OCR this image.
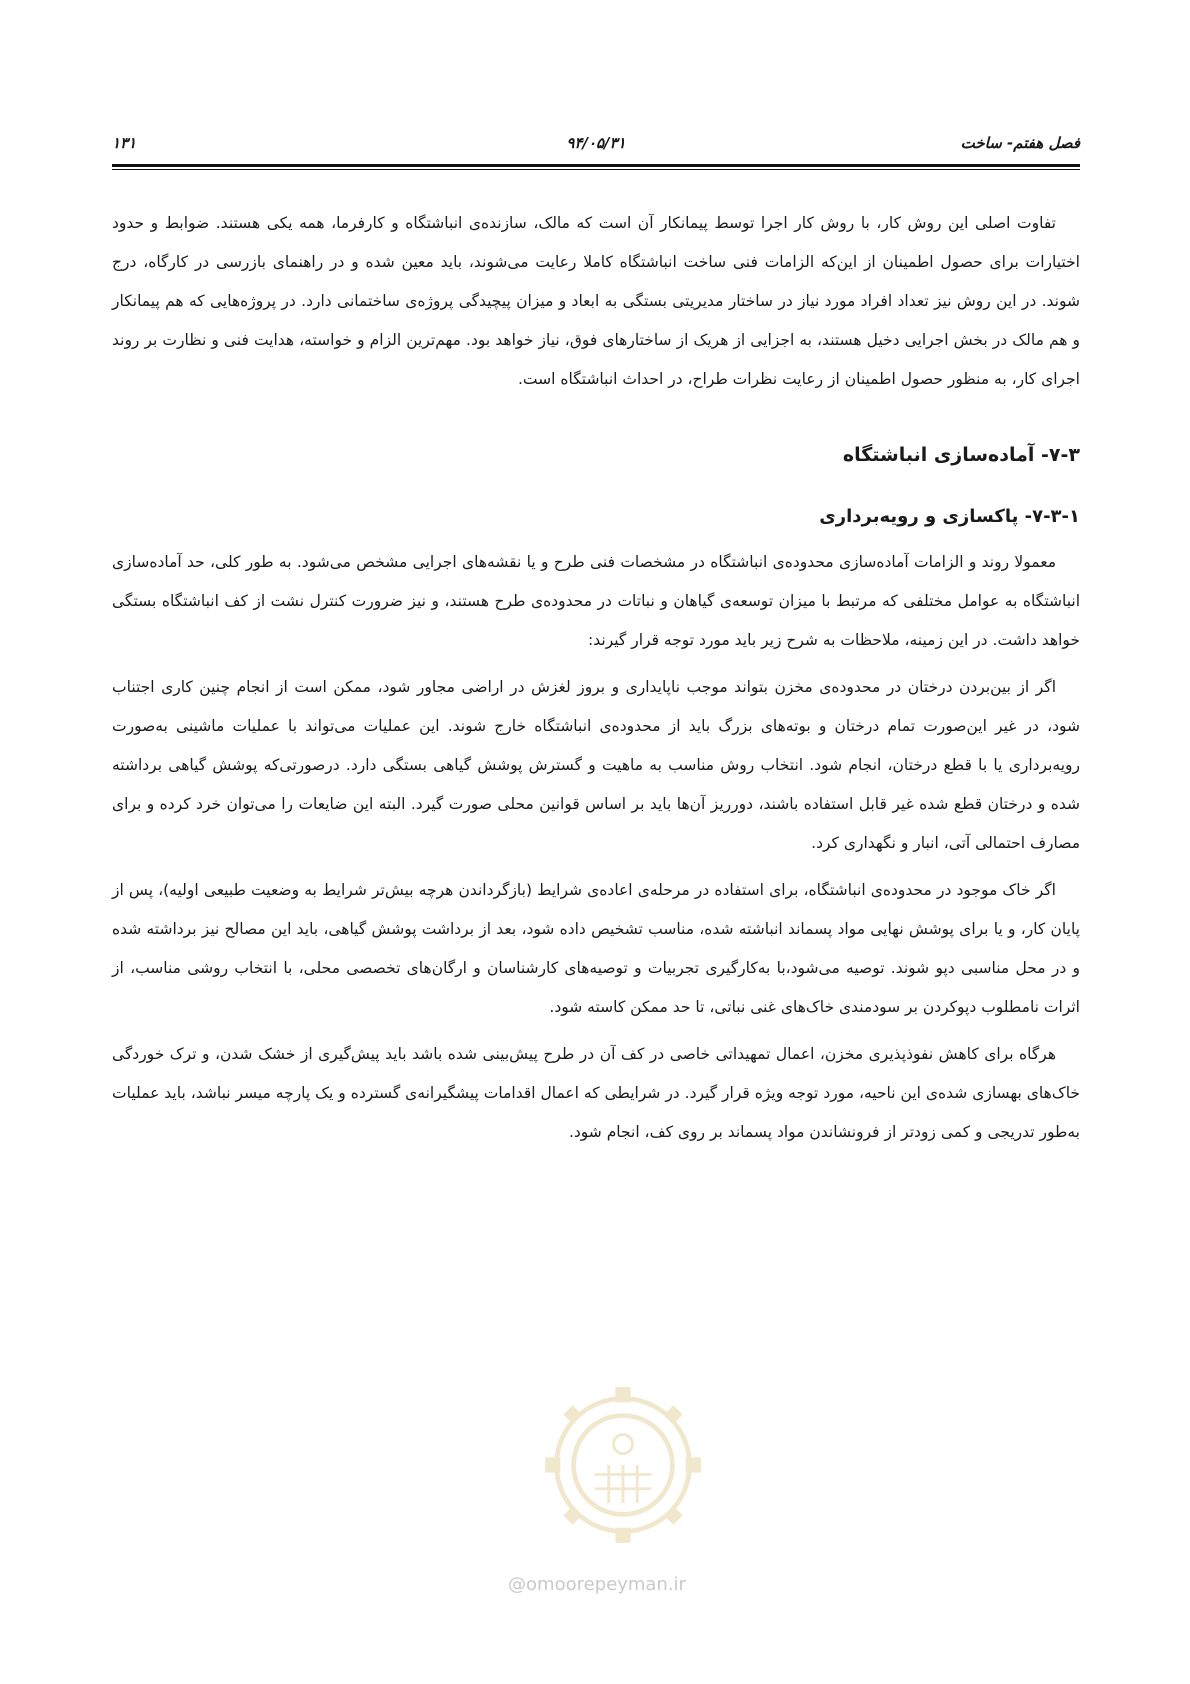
فصل هفتم- ساخت
۹۴/۰۵/۳۱
۱۳۱

تفاوت اصلی این روش کار، با روش کار اجرا توسط پیمانکار آن است که مالک، سازنده‌ی انباشتگاه و کارفرما، همه یکی هستند. ضوابط و حدود اختیارات برای حصول اطمینان از این‌که الزامات فنی ساخت انباشتگاه کاملا رعایت می‌شوند، باید معین شده و در راهنمای بازرسی در کارگاه، درج شوند. در این روش نیز تعداد افراد مورد نیاز در ساختار مدیریتی بستگی به ابعاد و میزان پیچیدگی پروژه‌ی ساختمانی دارد. در پروژه‌هایی که هم پیمانکار و هم مالک در بخش اجرایی دخیل هستند، به اجزایی از هریک از ساختارهای فوق، نیاز خواهد بود. مهم‌ترین الزام و خواسته، هدایت فنی و نظارت بر روند اجرای کار، به منظور حصول اطمینان از رعایت نظرات طراح، در احداث انباشتگاه است.

۷-۳- آماده‌سازی انباشتگاه
۷-۳-۱- پاکسازی و رویه‌برداری

معمولا روند و الزامات آماده‌سازی محدوده‌ی انباشتگاه در مشخصات فنی طرح و یا نقشه‌های اجرایی مشخص می‌شود. به طور کلی، حد آماده‌سازی انباشتگاه به عوامل مختلفی که مرتبط با میزان توسعه‌ی گیاهان و نباتات در محدوده‌ی طرح هستند، و نیز ضرورت کنترل نشت از کف انباشتگاه بستگی خواهد داشت. در این زمینه، ملاحظات به شرح زیر باید مورد توجه قرار گیرند:

اگر از بین‌بردن درختان در محدوده‌ی مخزن بتواند موجب ناپایداری و بروز لغزش در اراضی مجاور شود، ممکن است از انجام چنین کاری اجتناب شود، در غیر این‌صورت تمام درختان و بوته‌های بزرگ باید از محدوده‌ی انباشتگاه خارج شوند. این عملیات می‌تواند با عملیات ماشینی به‌صورت رویه‌برداری یا با قطع درختان، انجام شود. انتخاب روش مناسب به ماهیت و گسترش پوشش گیاهی بستگی دارد. درصورتی‌که پوشش گیاهی برداشته شده و درختان قطع شده غیر قابل استفاده باشند، دورریز آن‌ها باید بر اساس قوانین محلی صورت گیرد. البته این ضایعات را می‌توان خرد کرده و برای مصارف احتمالی آتی، انبار و نگهداری کرد.

اگر خاک موجود در محدوده‌ی انباشتگاه، برای استفاده در مرحله‌ی اعاده‌ی شرایط (بازگرداندن هرچه بیش‌تر شرایط به وضعیت طبیعی اولیه)، پس از پایان کار، و یا برای پوشش نهایی مواد پسماند انباشته شده، مناسب تشخیص داده شود، بعد از برداشت پوشش گیاهی، باید این مصالح نیز برداشته شده و در محل مناسبی دپو شوند. توصیه می‌شود،با به‌کارگیری تجربیات و توصیه‌های کارشناسان و ارگان‌های تخصصی محلی، با انتخاب روشی مناسب، از اثرات نامطلوب دپوکردن بر سودمندی خاک‌های غنی نباتی، تا حد ممکن کاسته شود.

هرگاه برای کاهش نفوذپذیری مخزن، اعمال تمهیداتی خاصی در کف آن در طرح پیش‌بینی شده باشد باید پیش‌گیری از خشک شدن، و ترک خوردگی خاک‌های بهسازی شده‌ی این ناحیه، مورد توجه ویژه قرار گیرد. در شرایطی که اعمال اقدامات پیشگیرانه‌ی گسترده و یک پارچه میسر نباشد، باید عملیات به‌طور تدریجی و کمی زودتر از فرونشاندن مواد پسماند بر روی کف، انجام شود.

@omoorepeyman.ir
